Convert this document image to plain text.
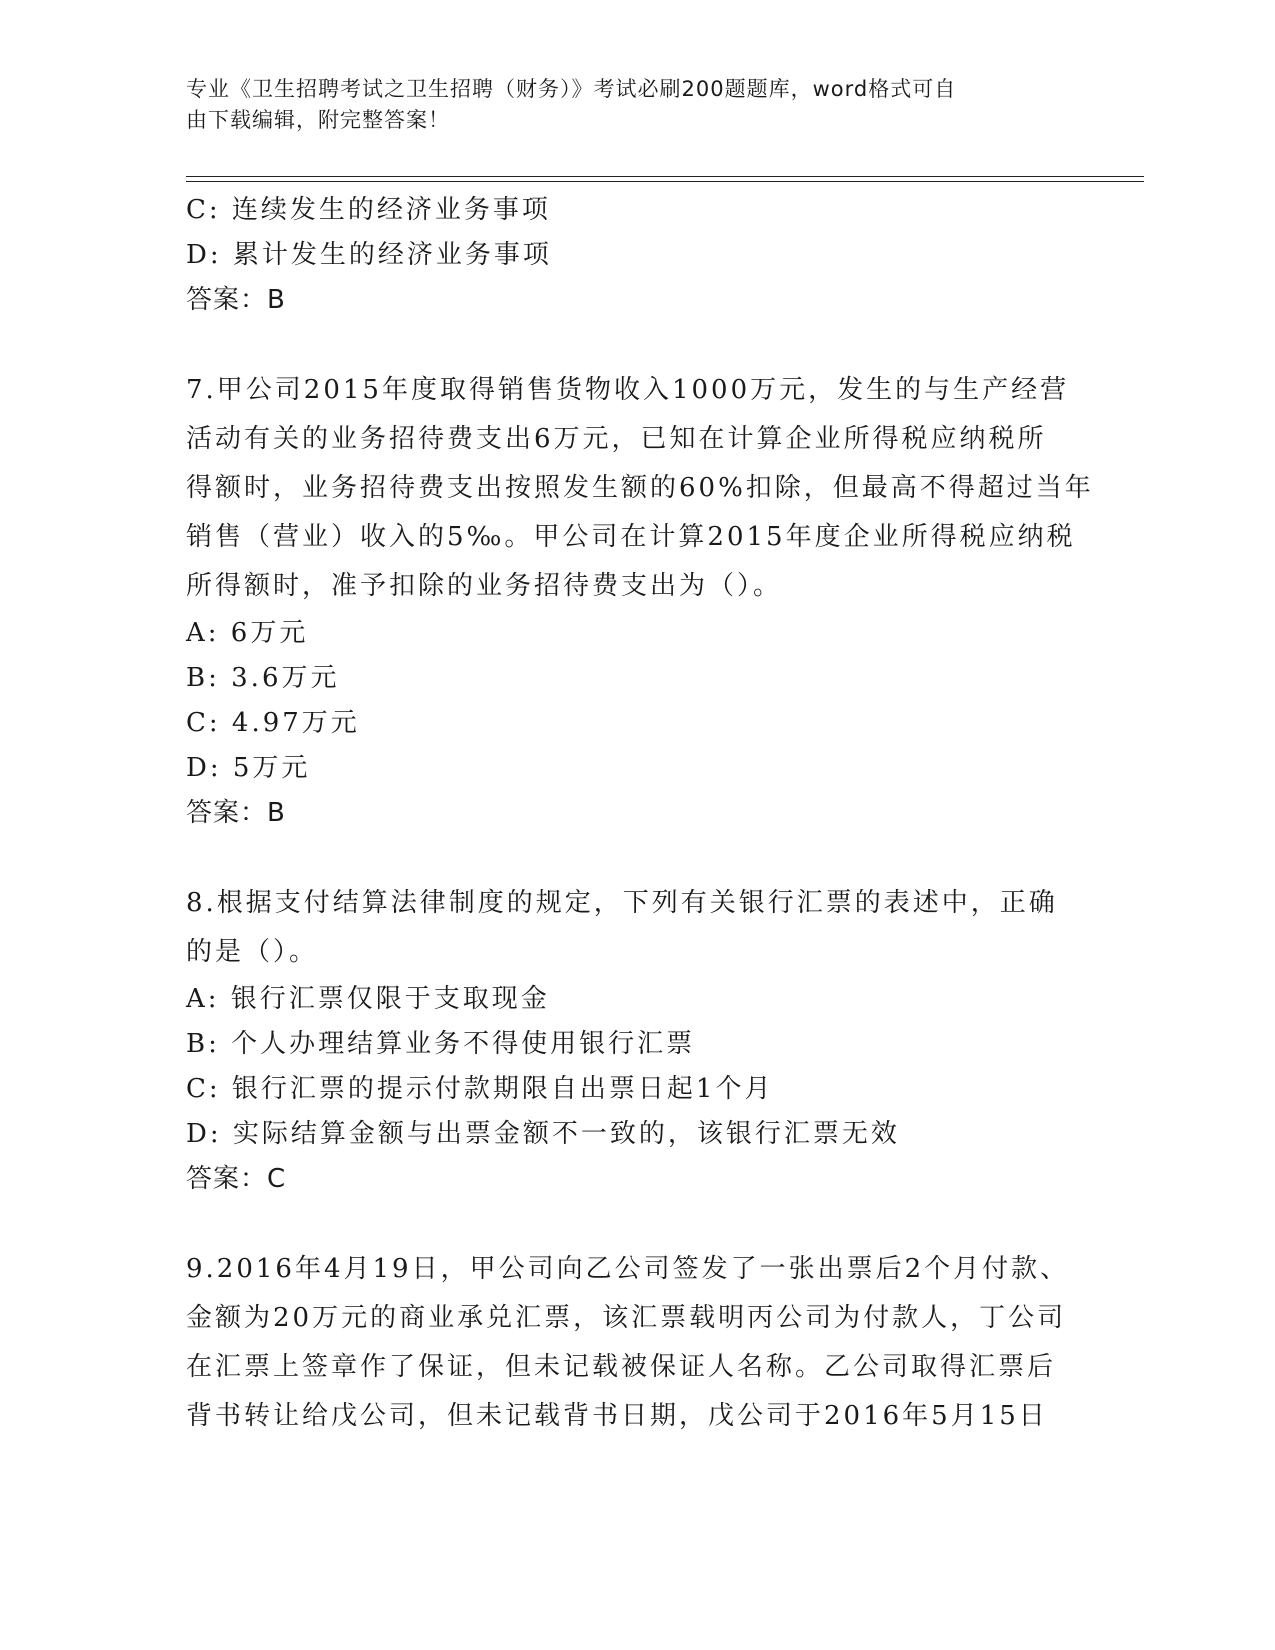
专业《卫生招聘考试之卫生招聘（财务）》考试必刷200题题库，word格式可自
由下载编辑，附完整答案！
C: 连续发生的经济业务事项
D: 累计发生的经济业务事项
答案：B
7.甲公司2015年度取得销售货物收入1000万元，发生的与生产经营
活动有关的业务招待费支出6万元，已知在计算企业所得税应纳税所
得额时，业务招待费支出按照发生额的60%扣除，但最高不得超过当年
销售（营业）收入的5‰。甲公司在计算2015年度企业所得税应纳税
所得额时，准予扣除的业务招待费支出为（）。
A: 6万元
B: 3.6万元
C: 4.97万元
D: 5万元
答案：B
8.根据支付结算法律制度的规定，下列有关银行汇票的表述中，正确
的是（）。
A: 银行汇票仅限于支取现金
B: 个人办理结算业务不得使用银行汇票
C: 银行汇票的提示付款期限自出票日起1个月
D: 实际结算金额与出票金额不一致的，该银行汇票无效
答案：C
9.2016年4月19日，甲公司向乙公司签发了一张出票后2个月付款、
金额为20万元的商业承兑汇票，该汇票载明丙公司为付款人，丁公司
在汇票上签章作了保证，但未记载被保证人名称。乙公司取得汇票后
背书转让给戊公司，但未记载背书日期，戊公司于2016年5月15日
